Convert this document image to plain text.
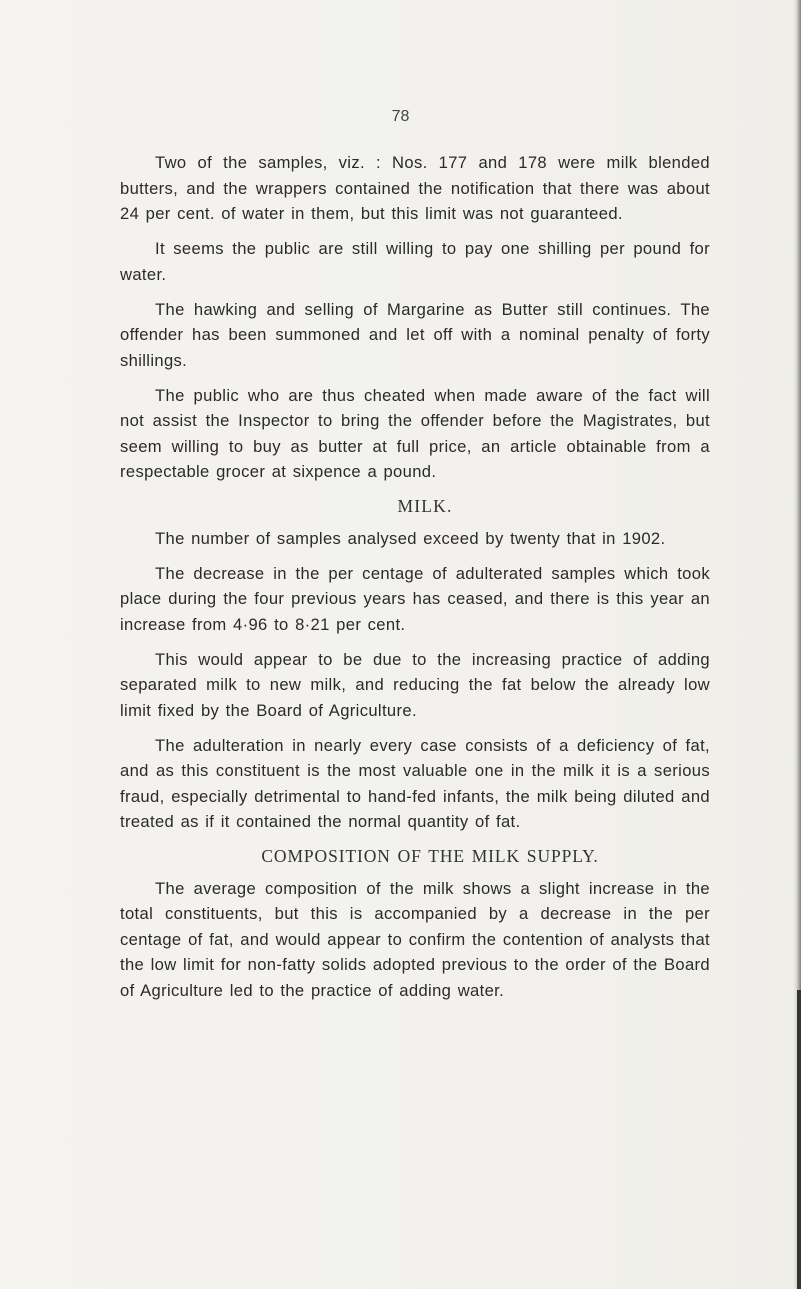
78

Two of the samples, viz. : Nos. 177 and 178 were milk blended butters, and the wrappers contained the notification that there was about 24 per cent. of water in them, but this limit was not guaranteed.

It seems the public are still willing to pay one shilling per pound for water.

The hawking and selling of Margarine as Butter still continues. The offender has been summoned and let off with a nominal penalty of forty shillings.

The public who are thus cheated when made aware of the fact will not assist the Inspector to bring the offender before the Magistrates, but seem willing to buy as butter at full price, an article obtainable from a respectable grocer at sixpence a pound.

MILK.

The number of samples analysed exceed by twenty that in 1902.

The decrease in the per centage of adulterated samples which took place during the four previous years has ceased, and there is this year an increase from 4·96 to 8·21 per cent.

This would appear to be due to the increasing practice of adding separated milk to new milk, and reducing the fat below the already low limit fixed by the Board of Agriculture.

The adulteration in nearly every case consists of a deficiency of fat, and as this constituent is the most valuable one in the milk it is a serious fraud, especially detrimental to hand-fed infants, the milk being diluted and treated as if it contained the normal quantity of fat.

COMPOSITION OF THE MILK SUPPLY.

The average composition of the milk shows a slight increase in the total constituents, but this is accompanied by a decrease in the per centage of fat, and would appear to confirm the contention of analysts that the low limit for non-fatty solids adopted previous to the order of the Board of Agriculture led to the practice of adding water.
